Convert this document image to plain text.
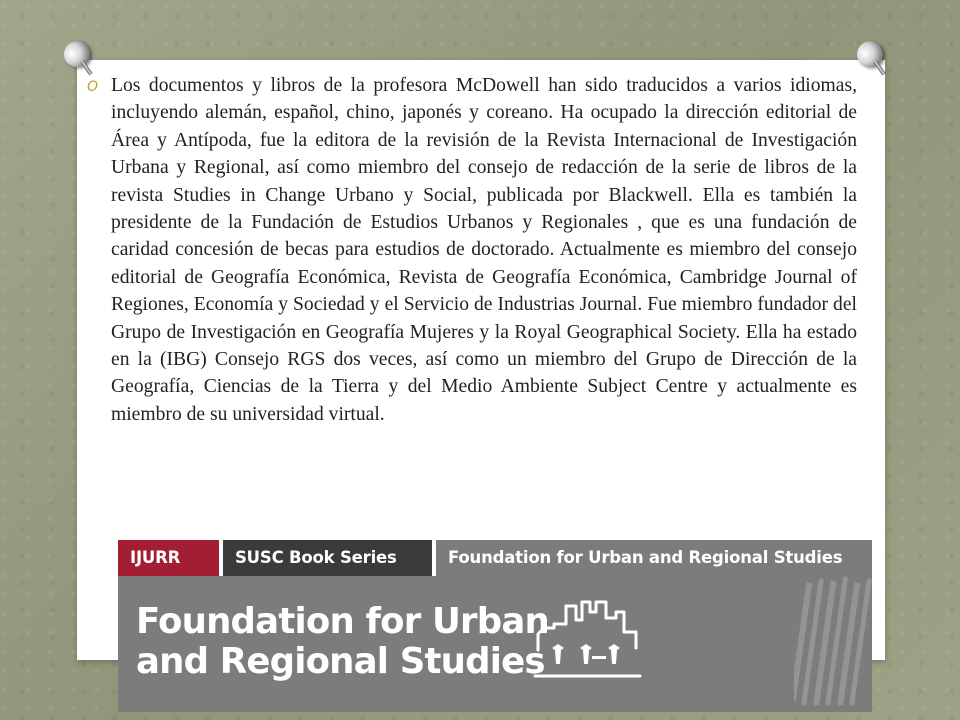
O Los documentos y libros de la profesora McDowell han sido traducidos a varios idiomas, incluyendo alemán, español, chino, japonés y coreano. Ha ocupado la dirección editorial de Área y Antípoda, fue la editora de la revisión de la Revista Internacional de Investigación Urbana y Regional, así como miembro del consejo de redacción de la serie de libros de la revista Studies in Change Urbano y Social, publicada por Blackwell. Ella es también la presidente de la Fundación de Estudios Urbanos y Regionales , que es una fundación de caridad concesión de becas para estudios de doctorado. Actualmente es miembro del consejo editorial de Geografía Económica, Revista de Geografía Económica, Cambridge Journal of Regiones, Economía y Sociedad y el Servicio de Industrias Journal. Fue miembro fundador del Grupo de Investigación en Geografía Mujeres y la Royal Geographical Society. Ella ha estado en la (IBG) Consejo RGS dos veces, así como un miembro del Grupo de Dirección de la Geografía, Ciencias de la Tierra y del Medio Ambiente Subject Centre y actualmente es miembro de su universidad virtual.

IJURR	SUSC Book Series	Foundation for Urban and Regional Studies

Foundation for Urban
and Regional Studies
